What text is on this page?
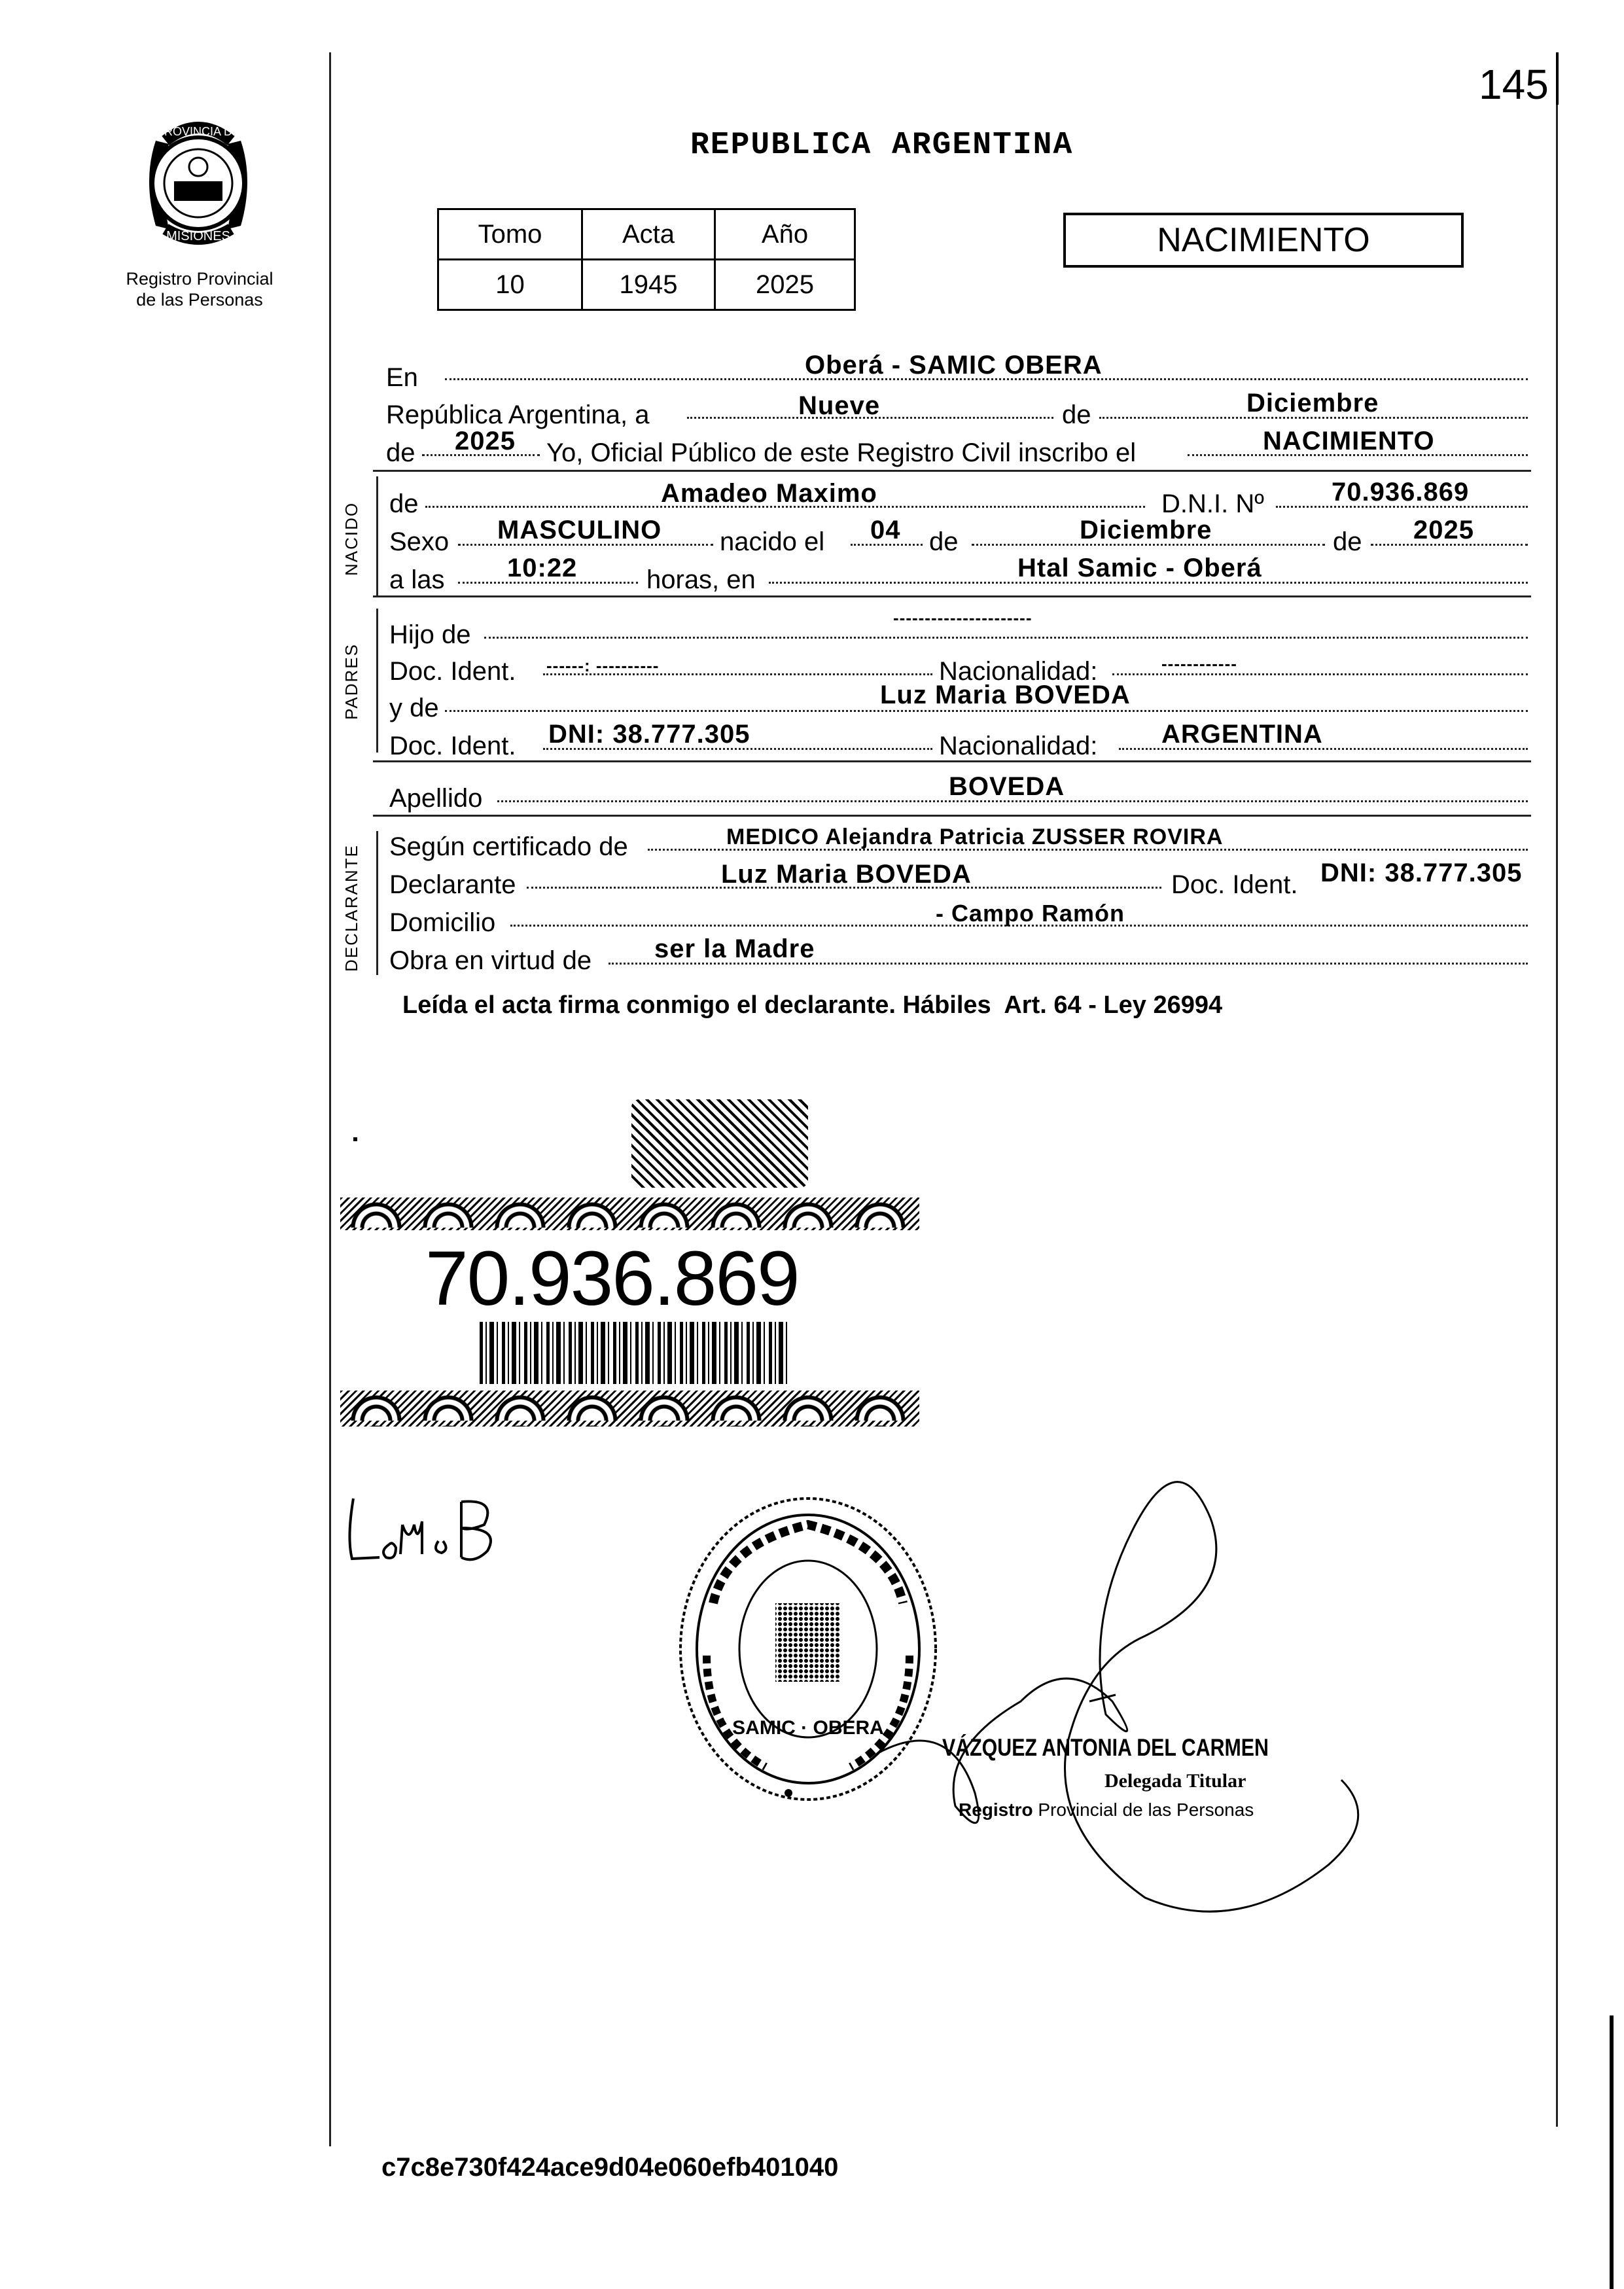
145
PROVINCIA DE
MISIONES
Registro Provincial
de las Personas
REPUBLICA ARGENTINA
Tomo	Acta	Año
10	1945	2025
NACIMIENTO
En	Oberá - SAMIC OBERA
República Argentina, a	Nueve	de	Diciembre
de 2025 Yo, Oficial Público de este Registro Civil inscribo el	NACIMIENTO
NACIDO de	Amadeo Maximo	D.N.I. Nº	70.936.869
Sexo MASCULINO nacido el 04 de	Diciembre	de 2025
a las 10:22	horas, en	Htal Samic - Oberá
PADRES
Hijo de
----------------------
Doc. Ident. ------: ----------	Nacionalidad:	------------
y de	Luz Maria BOVEDA
Doc. Ident. DNI: 38.777.305	Nacionalidad: ARGENTINA
Apellido	BOVEDA
DECLARANTE Según certificado de	MEDICO Alejandra Patricia ZUSSER ROVIRA
Declarante	Luz Maria BOVEDA	Doc. Ident. DNI: 38.777.305
Domicilio	- Campo Ramón
Obra en virtud de ser la Madre
Leída el acta firma conmigo el declarante. Hábiles  Art. 64 - Ley 26994
70.936.869
SAMIC · OBERA
VÁZQUEZ ANTONIA DEL CARMEN
Delegada Titular
Registro Provincial de las Personas
c7c8e730f424ace9d04e060efb401040
